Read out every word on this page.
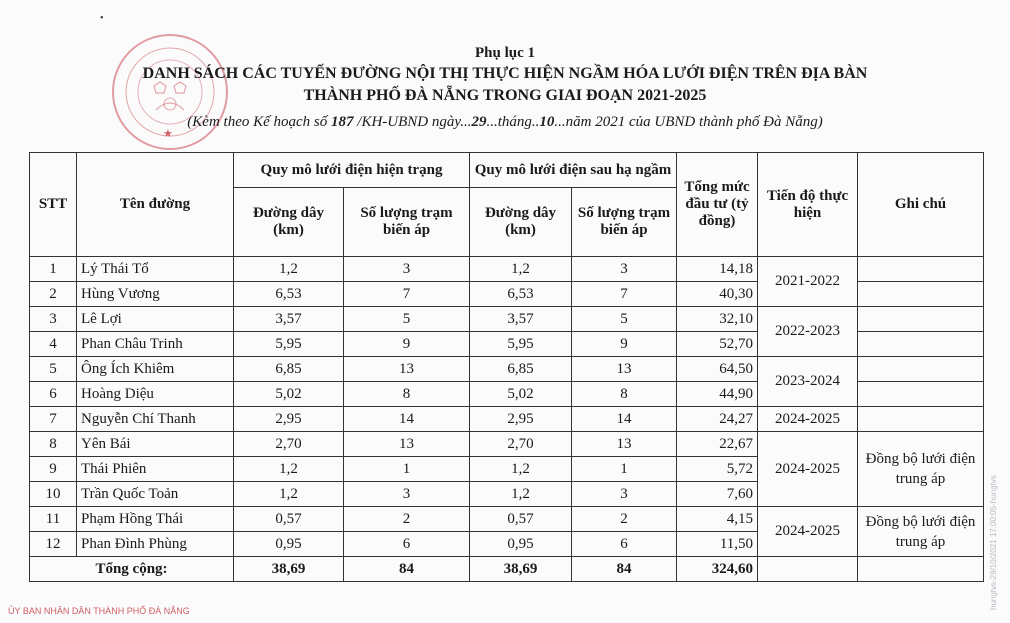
•
★
Phụ lục 1
DANH SÁCH CÁC TUYẾN ĐƯỜNG NỘI THỊ THỰC HIỆN NGẦM HÓA LƯỚI ĐIỆN TRÊN ĐỊA BÀN
THÀNH PHỐ ĐÀ NẴNG TRONG GIAI ĐOẠN 2021-2025
(Kèm theo Kế hoạch số 187 /KH-UBND ngày...29...tháng..10...năm 2021 của UBND thành phố Đà Nẵng)
STT	Tên đường	Quy mô lưới điện hiện trạng		Quy mô lưới điện sau hạ ngầm		Tổng mức đầu tư (tỷ đồng)	Tiến độ thực hiện	Ghi chú
		Đường dây (km)	Số lượng trạm biến áp	Đường dây (km)	Số lượng trạm biến áp			
1	Lý Thái Tổ	1,2	3	1,2	3	14,18	2021-2022	
2	Hùng Vương	6,53	7	6,53	7	40,30		
3	Lê Lợi	3,57	5	3,57	5	32,10	2022-2023	
4	Phan Châu Trinh	5,95	9	5,95	9	52,70		
5	Ông Ích Khiêm	6,85	13	6,85	13	64,50	2023-2024	
6	Hoàng Diệu	5,02	8	5,02	8	44,90		
7	Nguyễn Chí Thanh	2,95	14	2,95	14	24,27	2024-2025	
8	Yên Bái	2,70	13	2,70	13	22,67	2024-2025	Đồng bộ lưới điện trung áp
9	Thái Phiên	1,2	1	1,2	1	5,72		
10	Trần Quốc Toản	1,2	3	1,2	3	7,60		
11	Phạm Hồng Thái	0,57	2	0,57	2	4,15	2024-2025	Đồng bộ lưới điện trung áp
12	Phan Đình Phùng	0,95	6	0,95	6	11,50		
Tổng cộng:		38,69	84	38,69	84	324,60			hungtvs-29/10/2021 17:00:05-hungtvs
ỦY BAN NHÂN DÂN THÀNH PHỐ ĐÀ NẴNG
